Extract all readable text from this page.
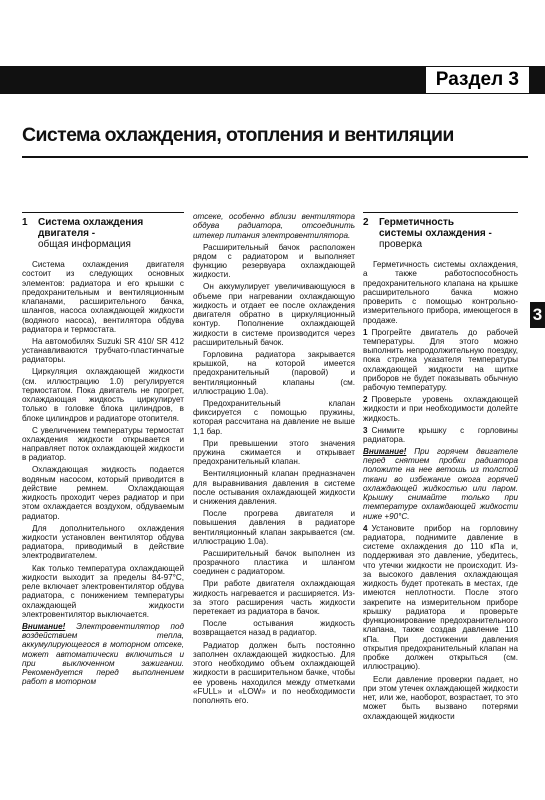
Раздел 3
Система охлаждения, отопления и вентиляции
3
1	Система охлаждения
двигателя -
общая информация

Система охлаждения двигателя состоит из следующих основных элементов: радиатора и его крышки с предохранительным и вентиляционным клапанами, расширительного бачка, шлангов, насоса охлаждающей жидкости (водяного насоса), вентилятора обдува радиатора и термостата.

На автомобилях Suzuki SR 410/ SR 412 устанавливаются трубчато-пластинчатые радиаторы.

Циркуляция охлаждающей жидкости (см. иллюстрацию 1.0) регулируется термостатом. Пока двигатель не прогрет, охлаждающая жидкость циркулирует только в головке блока цилиндров, в блоке цилиндров и радиаторе отопителя.

С увеличением температуры термостат охлаждения жидкости открывается и направляет поток охлаждающей жидкости в радиатор.

Охлаждающая жидкость подается водяным насосом, который приводится в действие ремнем. Охлаждающая жидкость проходит через радиатор и при этом охлаждается воздухом, обдуваемым радиатор.

Для дополнительного охлаждения жидкости установлен вентилятор обдува радиатора, приводимый в действие электродвигателем.

Как только температура охлаждающей жидкости выходит за пределы 84-97°С, реле включает электровентилятор обдува радиатора, с понижением температуры охлаждающей жидкости электровентилятор выключается.

Внимание! Электровентилятор под воздействием тепла, аккумулирующегося в моторном отсеке, может автоматически включиться и при выключенном зажигании. Рекомендуется перед выполнением работ в моторном

отсеке, особенно вблизи вентилятора обдува радиатора, отсоединить штекер питания электровентилятора.

Расширительный бачок расположен рядом с радиатором и выполняет функцию резервуара охлаждающей жидкости.

Он аккумулирует увеличивающуюся в объеме при нагревании охлаждающую жидкость и отдает ее после охлаждения двигателя обратно в циркуляционный контур. Пополнение охлаждающей жидкости в системе производится через расширительный бачок.

Горловина радиатора закрывается крышкой, на которой имеется предохранительный (паровой) и вентиляционный клапаны (см. иллюстрацию 1.0а).

Предохранительный клапан фиксируется с помощью пружины, которая рассчитана на давление не выше 1,1 бар.

При превышении этого значения пружина сжимается и открывает предохранительный клапан.

Вентиляционный клапан предназначен для выравнивания давления в системе после остывания охлаждающей жидкости и снижения давления.

После прогрева двигателя и повышения давления в радиаторе вентиляционный клапан закрывается (см. иллюстрацию 1.0а).

Расширительный бачок выполнен из прозрачного пластика и шлангом соединен с радиатором.

При работе двигателя охлаждающая жидкость нагревается и расширяется. Из-за этого расширения часть жидкости перетекает из радиатора в бачок.

После остывания жидкость возвращается назад в радиатор.

Радиатор должен быть постоянно заполнен охлаждающей жидкостью. Для этого необходимо объем охлаждающей жидкости в расширительном бачке, чтобы ее уровень находился между отметками «FULL» и «LOW» и по необходимости пополнять его.

2	Герметичность
системы охлаждения -
проверка

Герметичность системы охлаждения, а также работоспособность предохранительного клапана на крышке расширительного бачка можно проверить с помощью контрольно-измерительного прибора, имеющегося в продаже.

1 Прогрейте двигатель до рабочей температуры. Для этого можно выполнить непродолжительную поездку, пока стрелка указателя температуры охлаждающей жидкости на щитке приборов не будет показывать обычную рабочую температуру.

2 Проверьте уровень охлаждающей жидкости и при необходимости долейте жидкость.

3 Снимите крышку с горловины радиатора.

Внимание! При горячем двигателе перед снятием пробки радиатора положите на нее ветошь из толстой ткани во избежание ожога горячей охлаждающей жидкостью или паром. Крышку снимайте только при температуре охлаждающей жидкости ниже +90°С.

4 Установите прибор на горловину радиатора, поднимите давление в системе охлаждения до 110 кПа и, поддерживая это давление, убедитесь, что утечки жидкости не происходит. Из-за высокого давления охлаждающая жидкость будет протекать в местах, где имеются неплотности. После этого закрепите на измерительном приборе крышку радиатора и проверьте функционирование предохранительного клапана, также создав давление 110 кПа. При достижении давления открытия предохранительный клапан на пробке должен открыться (см. иллюстрацию).

Если давление проверки падает, но при этом утечек охлаждающей жидкости нет, или же, наоборот, возрастает, то это может быть вызвано потерями охлаждающей жидкости
